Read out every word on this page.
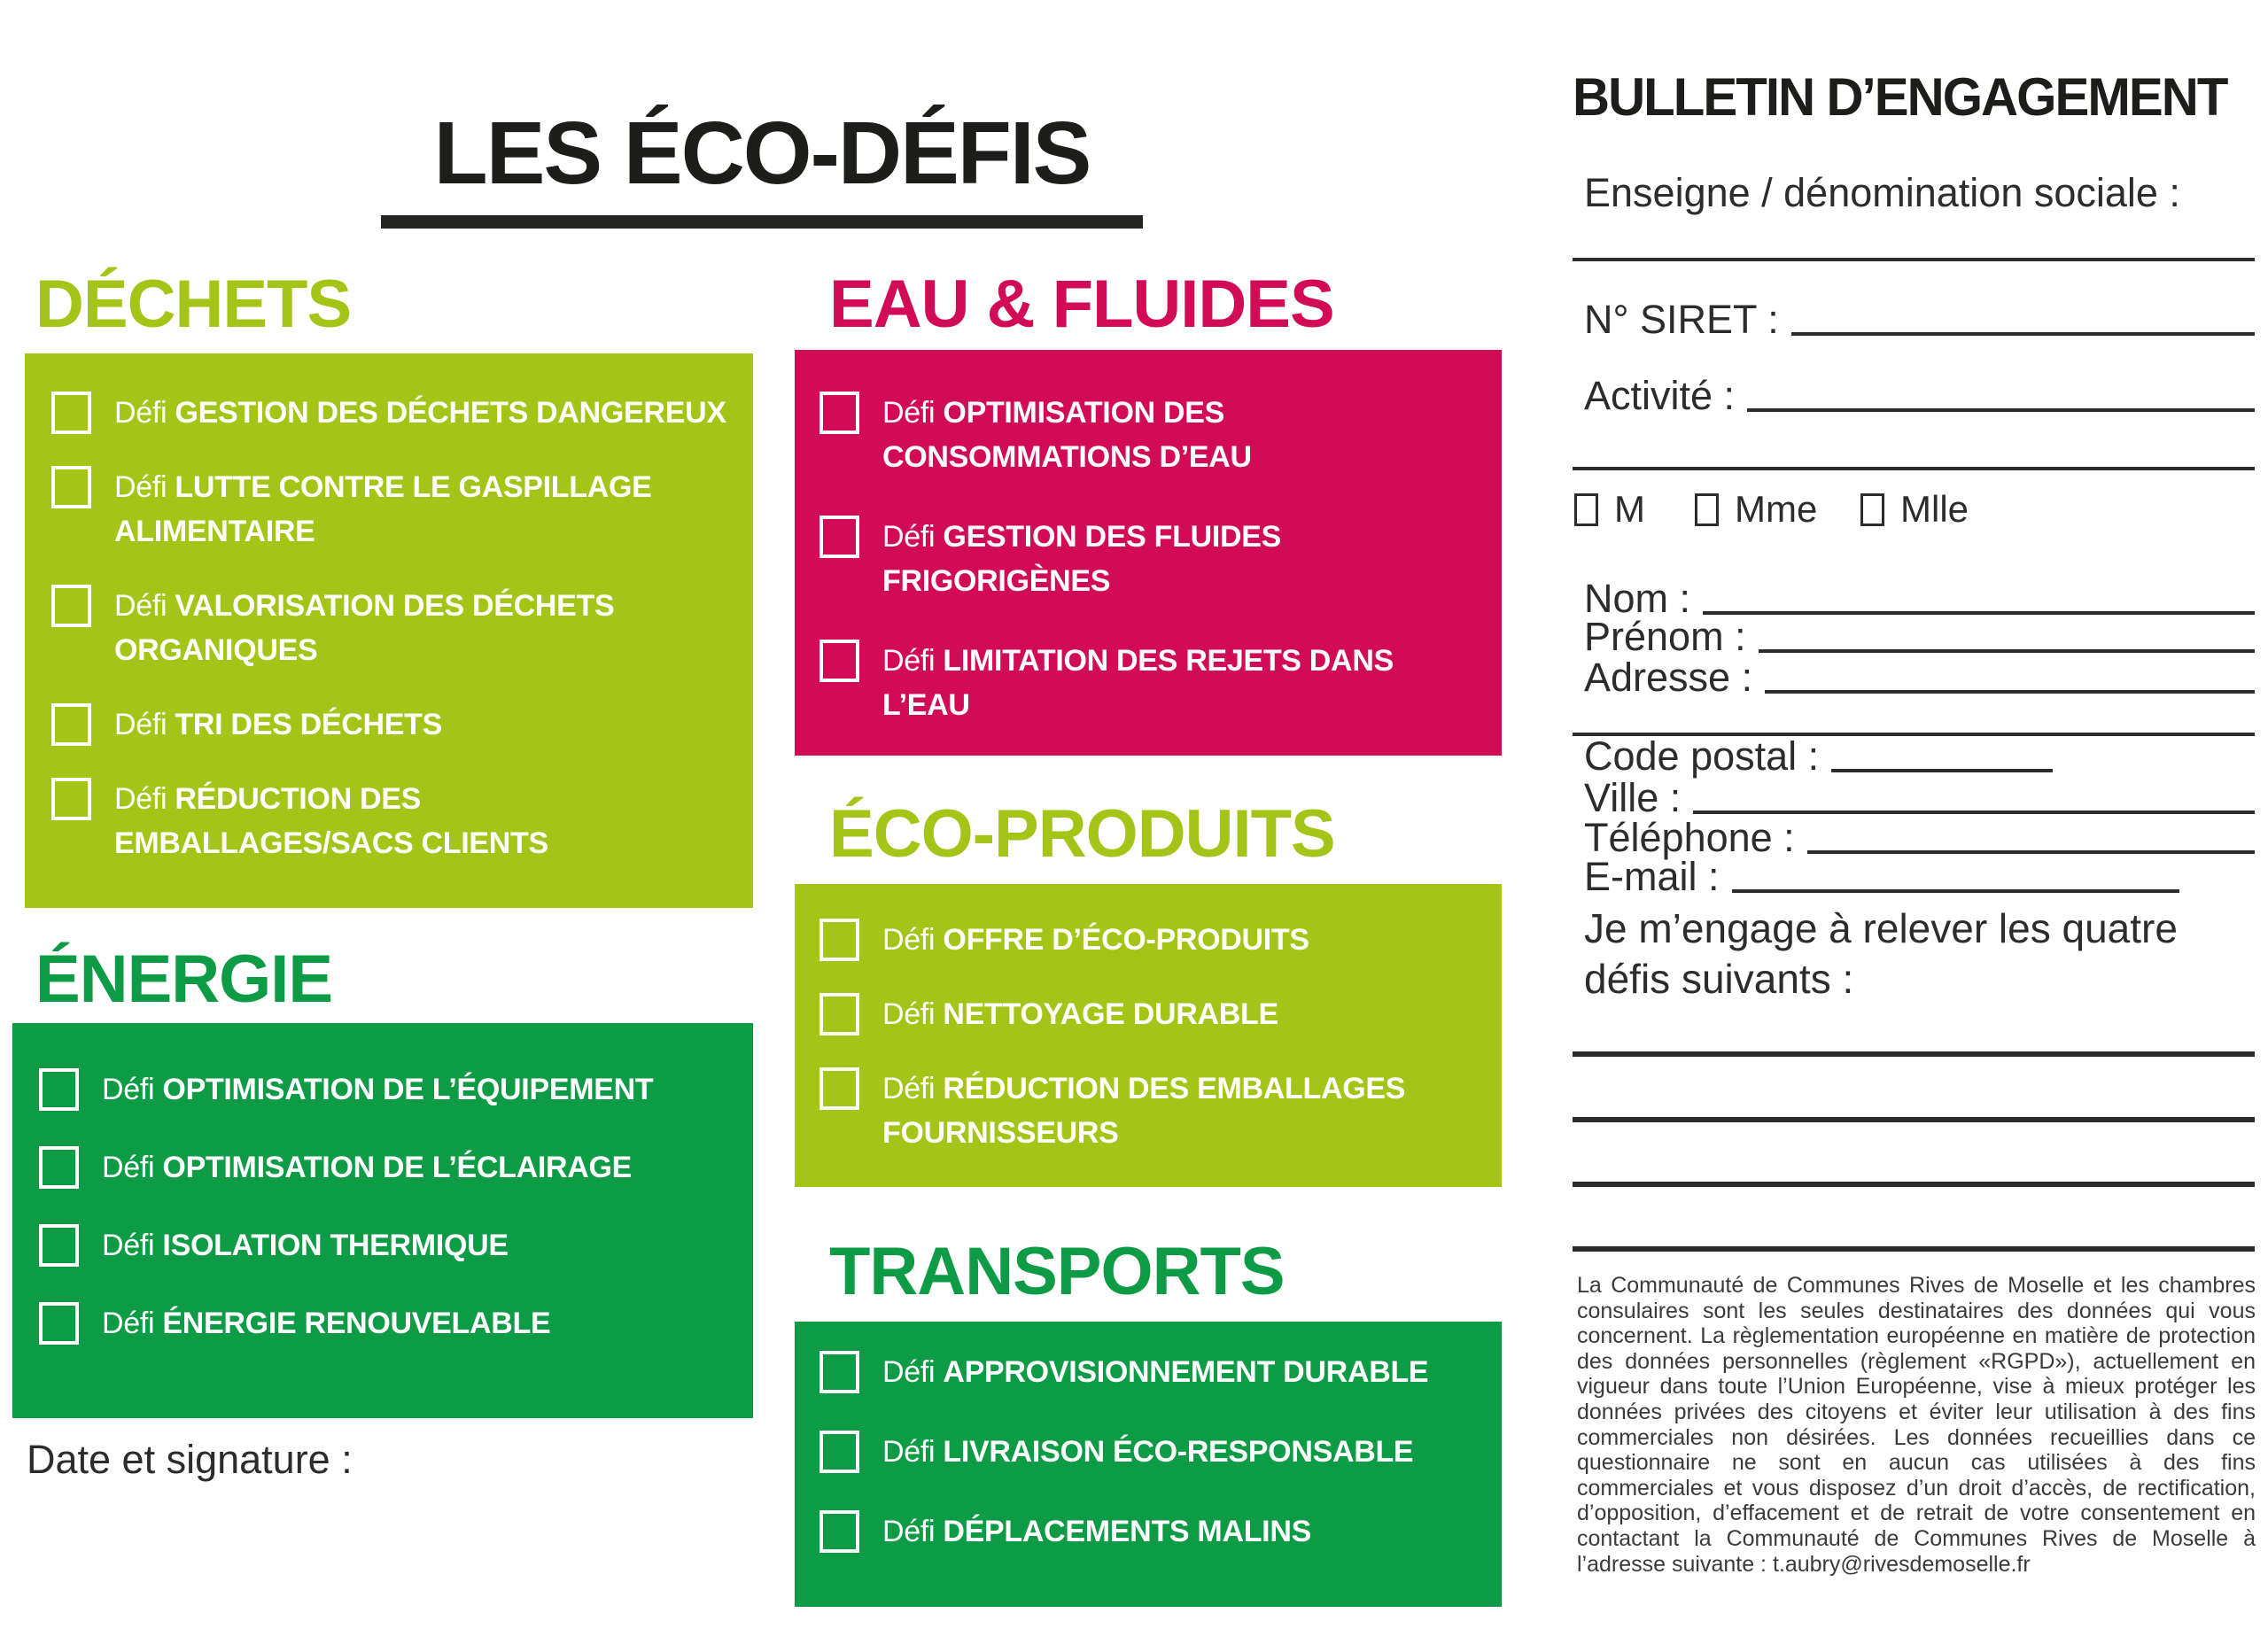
LES ÉCO-DÉFIS
DÉCHETS
Défi GESTION DES DÉCHETS DANGEREUX
Défi LUTTE CONTRE LE GASPILLAGE ALIMENTAIRE
Défi VALORISATION DES DÉCHETS ORGANIQUES
Défi TRI DES DÉCHETS
Défi RÉDUCTION DES EMBALLAGES/SACS CLIENTS
ÉNERGIE
Défi OPTIMISATION DE L’ÉQUIPEMENT
Défi OPTIMISATION DE L’ÉCLAIRAGE
Défi ISOLATION THERMIQUE
Défi ÉNERGIE RENOUVELABLE
Date et signature :
EAU & FLUIDES
Défi OPTIMISATION DES CONSOMMATIONS D’EAU
Défi GESTION DES FLUIDES FRIGORIGÈNES
Défi LIMITATION DES REJETS DANS L’EAU
ÉCO-PRODUITS
Défi OFFRE D’ÉCO-PRODUITS
Défi NETTOYAGE DURABLE
Défi RÉDUCTION DES EMBALLAGES FOURNISSEURS
TRANSPORTS
Défi APPROVISIONNEMENT DURABLE
Défi LIVRAISON ÉCO-RESPONSABLE
Défi DÉPLACEMENTS MALINS
BULLETIN D’ENGAGEMENT
Enseigne / dénomination sociale :
N° SIRET :
Activité :
M Mme Mlle
Nom :
Prénom :
Adresse :
Code postal :
Ville :
Téléphone :
E-mail :
Je m’engage à relever les quatre défis suivants :
La Communauté de Communes Rives de Moselle et les chambres consulaires sont les seules destinataires des données qui vous concernent. La règlementation européenne en matière de protection des données personnelles (règlement «RGPD»), actuellement en vigueur dans toute l’Union Européenne, vise à mieux protéger les données privées des citoyens et éviter leur utilisation à des fins commerciales non désirées. Les données recueillies dans ce questionnaire ne sont en aucun cas utilisées à des fins commerciales et vous disposez d’un droit d’accès, de rectification, d’opposition, d’effacement et de retrait de votre consentement en contactant la Communauté de Communes Rives de Moselle à l’adresse suivante : t.aubry@rivesdemoselle.fr
